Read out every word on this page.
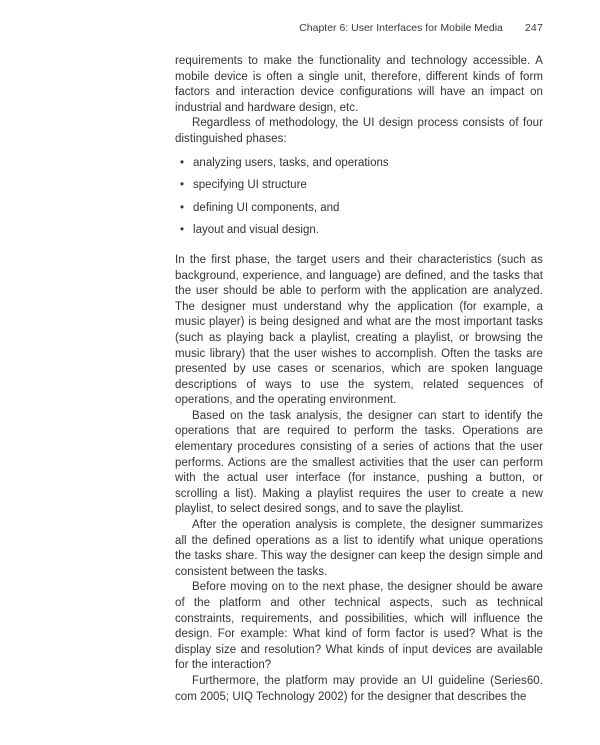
Chapter 6: User Interfaces for Mobile Media 247

requirements to make the functionality and technology accessible. A mobile device is often a single unit, therefore, different kinds of form factors and interaction device configurations will have an impact on industrial and hardware design, etc.

Regardless of methodology, the UI design process consists of four distinguished phases:

• analyzing users, tasks, and operations
• specifying UI structure
• defining UI components, and
• layout and visual design.

In the first phase, the target users and their characteristics (such as background, experience, and language) are defined, and the tasks that the user should be able to perform with the application are analyzed. The designer must understand why the application (for example, a music player) is being designed and what are the most important tasks (such as playing back a playlist, creating a playlist, or browsing the music library) that the user wishes to accomplish. Often the tasks are presented by use cases or scenarios, which are spoken language descriptions of ways to use the system, related sequences of operations, and the operating environment.

Based on the task analysis, the designer can start to identify the operations that are required to perform the tasks. Operations are elementary procedures consisting of a series of actions that the user performs. Actions are the smallest activities that the user can perform with the actual user interface (for instance, pushing a button, or scrolling a list). Making a playlist requires the user to create a new playlist, to select desired songs, and to save the playlist.

After the operation analysis is complete, the designer summarizes all the defined operations as a list to identify what unique operations the tasks share. This way the designer can keep the design simple and consistent between the tasks.

Before moving on to the next phase, the designer should be aware of the platform and other technical aspects, such as technical constraints, requirements, and possibilities, which will influence the design. For example: What kind of form factor is used? What is the display size and resolution? What kinds of input devices are available for the interaction?

Furthermore, the platform may provide an UI guideline (Series60. com 2005; UIQ Technology 2002) for the designer that describes the
